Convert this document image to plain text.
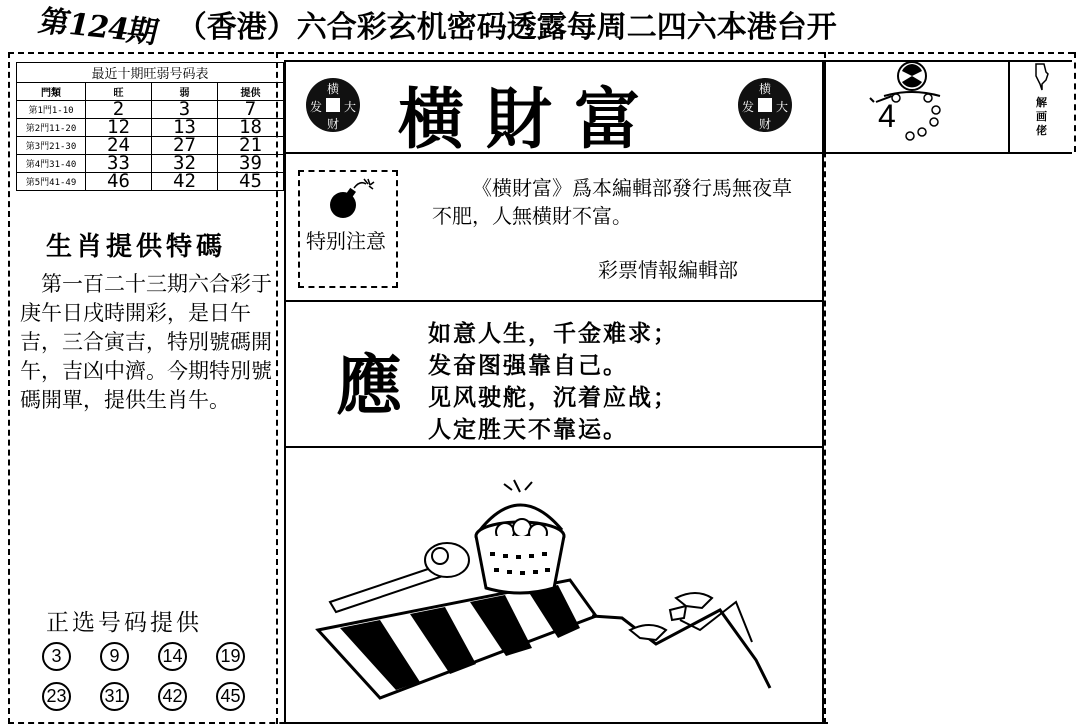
第124期 （香港）六合彩玄机密码透露每周二四六本港台开
最近十期旺弱号码表			
門類	旺	弱	提供
第1門1-10	2	3	7
第2門11-20	12	13	18
第3門21-30	24	27	21
第4門31-40	33	32	39
第5門41-49	46	42	45
生肖提供特碼
　第一百二十三期六合彩于庚午日戌時開彩，是日午吉，三合寅吉，特別號碼開午，吉凶中濟。今期特別號碼開單，提供生肖牛。
正选号码提供
3	9	14 19
23 31 42 45
横
发 大
财 横財富	横
发 大
财
特别注意
《横財富》爲本編輯部發行馬無夜草不肥，人無横財不富。
彩票情報編輯部
應
如意人生，千金难求；
发奋图强靠自己。
见风驶舵，沉着应战；
人定胜天不靠运。
4	解画佬
